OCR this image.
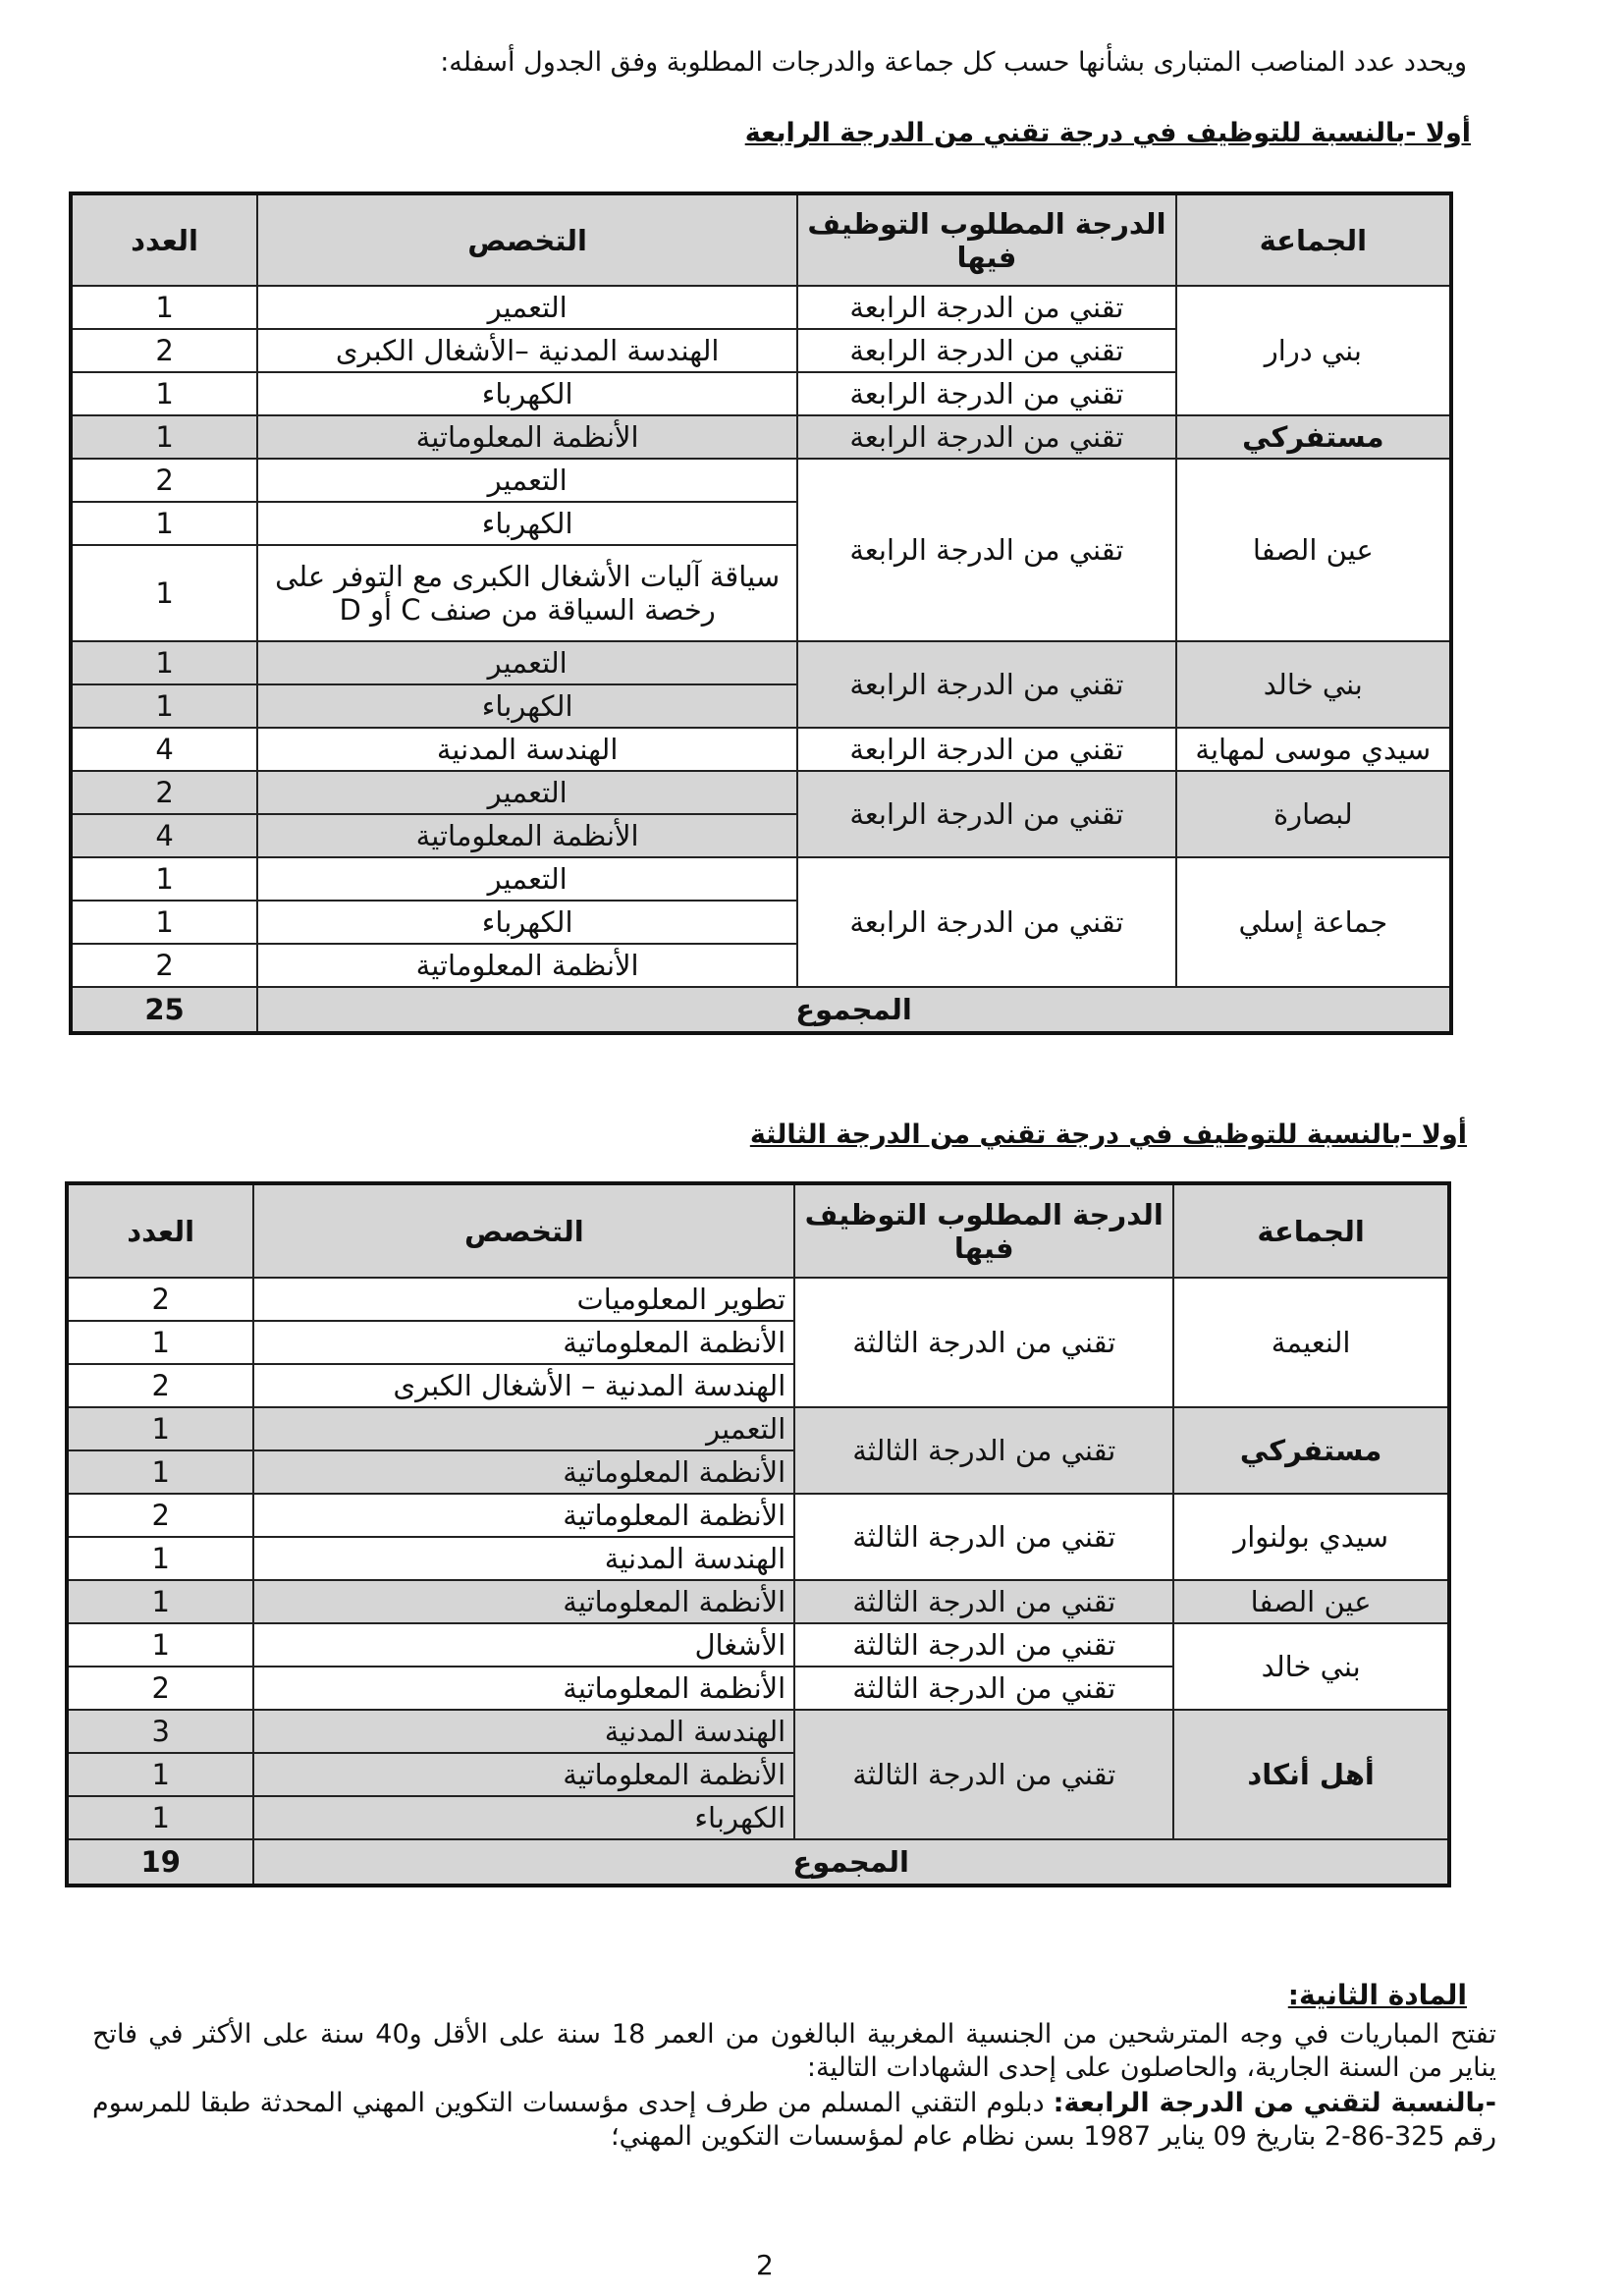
ويحدد عدد المناصب المتبارى بشأنها حسب كل جماعة والدرجات المطلوبة وفق الجدول أسفله:
أولا -بالنسبة للتوظيف في درجة تقني من الدرجة الرابعة
الجماعة	الدرجة المطلوب التوظيف فيها	التخصص	العدد
بني درار	تقني من الدرجة الرابعة	التعمير	1
	تقني من الدرجة الرابعة	الهندسة المدنية –الأشغال الكبرى	2
	تقني من الدرجة الرابعة	الكهرباء	1
مستفركي	تقني من الدرجة الرابعة	الأنظمة المعلوماتية	1
عين الصفا	تقني من الدرجة الرابعة	التعمير	2
		الكهرباء	1
		سياقة آليات الأشغال الكبرى مع التوفر على رخصة السياقة من صنف C أو D	1
بني خالد	تقني من الدرجة الرابعة	التعمير	1
		الكهرباء	1
سيدي موسى لمهاية	تقني من الدرجة الرابعة	الهندسة المدنية	4
لبصارة	تقني من الدرجة الرابعة	التعمير	2
		الأنظمة المعلوماتية	4
جماعة إسلي	تقني من الدرجة الرابعة	التعمير	1
		الكهرباء	1
		الأنظمة المعلوماتية	2
المجموع			25
أولا -بالنسبة للتوظيف في درجة تقني من الدرجة الثالثة
الجماعة	الدرجة المطلوب التوظيف فيها	التخصص	العدد
النعيمة	تقني من الدرجة الثالثة	تطوير المعلوميات	2
		الأنظمة المعلوماتية	1
		الهندسة المدنية – الأشغال الكبرى	2
مستفركي	تقني من الدرجة الثالثة	التعمير	1
		الأنظمة المعلوماتية	1
سيدي بولنوار	تقني من الدرجة الثالثة	الأنظمة المعلوماتية	2
		الهندسة المدنية	1
عين الصفا	تقني من الدرجة الثالثة	الأنظمة المعلوماتية	1
بني خالد	تقني من الدرجة الثالثة	الأشغال	1
	تقني من الدرجة الثالثة	الأنظمة المعلوماتية	2
أهل أنكاد	تقني من الدرجة الثالثة	الهندسة المدنية	3
		الأنظمة المعلوماتية	1
		الكهرباء	1
المجموع			19
المادة الثانية:
تفتح المباريات في وجه المترشحين من الجنسية المغربية البالغون من العمر 18 سنة على الأقل و40 سنة على الأكثر في فاتح يناير من السنة الجارية، والحاصلون على إحدى الشهادات التالية:
-بالنسبة لتقني من الدرجة الرابعة: دبلوم التقني المسلم من طرف إحدى مؤسسات التكوين المهني المحدثة طبقا للمرسوم رقم 325-86-2 بتاريخ 09 يناير 1987 بسن نظام عام لمؤسسات التكوين المهني؛
2
